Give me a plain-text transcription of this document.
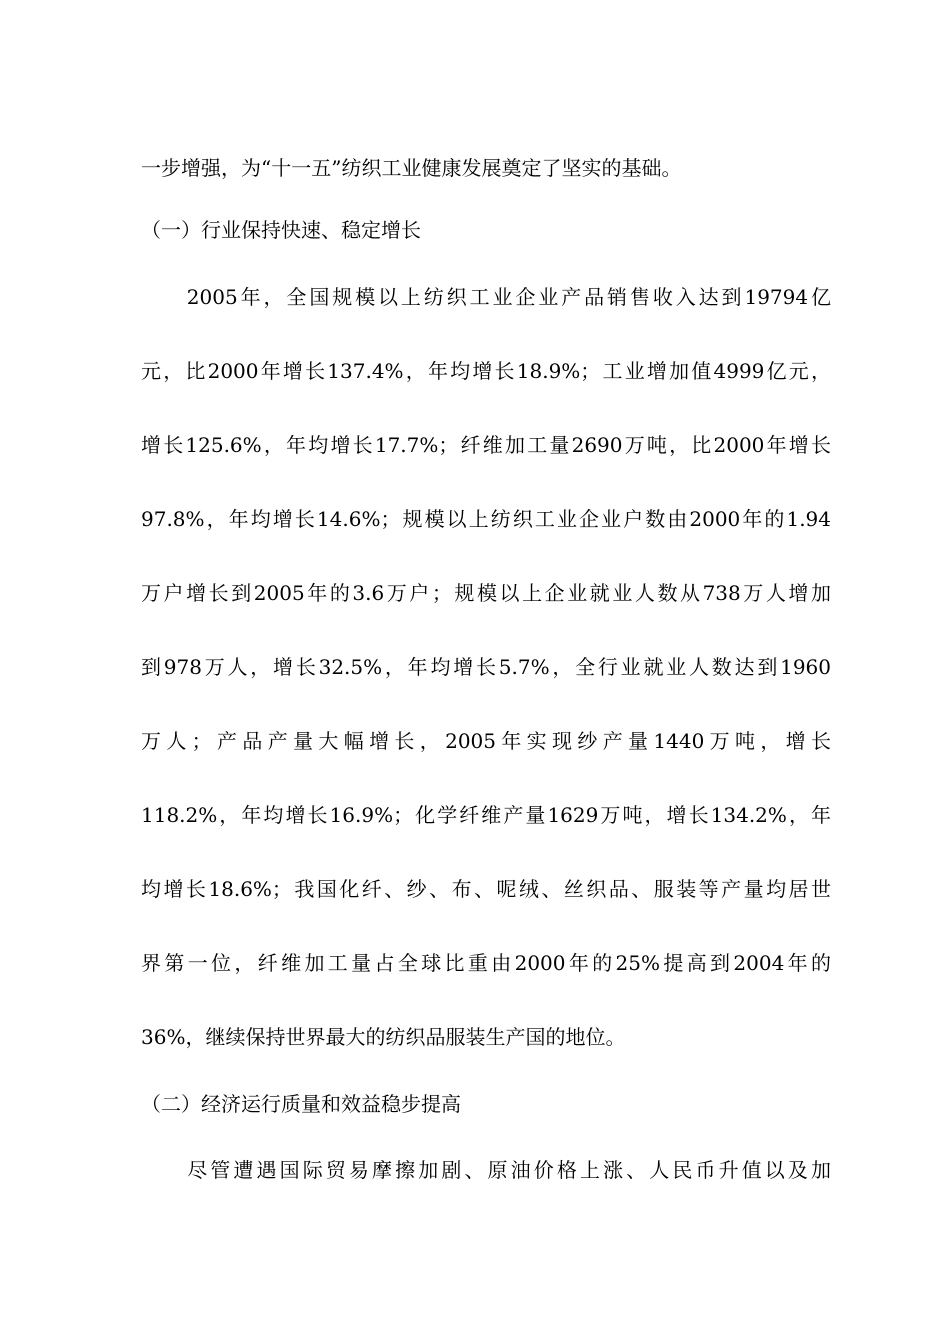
一步增强，为“十一五”纺织工业健康发展奠定了坚实的基础。
（一）行业保持快速、稳定增长
　　2005年，全国规模以上纺织工业企业产品销售收入达到19794亿
元，比2000年增长137.4%，年均增长18.9%；工业增加值4999亿元，
增长125.6%，年均增长17.7%；纤维加工量2690万吨，比2000年增长
97.8%，年均增长14.6%；规模以上纺织工业企业户数由2000年的1.94
万户增长到2005年的3.6万户；规模以上企业就业人数从738万人增加
到978万人，增长32.5%，年均增长5.7%，全行业就业人数达到1960
万人；产品产量大幅增长，2005年实现纱产量1440万吨，增长
118.2%，年均增长16.9%；化学纤维产量1629万吨，增长134.2%，年
均增长18.6%；我国化纤、纱、布、呢绒、丝织品、服装等产量均居世
界第一位，纤维加工量占全球比重由2000年的25%提高到2004年的
36%，继续保持世界最大的纺织品服装生产国的地位。
（二）经济运行质量和效益稳步提高
　　尽管遭遇国际贸易摩擦加剧、原油价格上涨、人民币升值以及加
